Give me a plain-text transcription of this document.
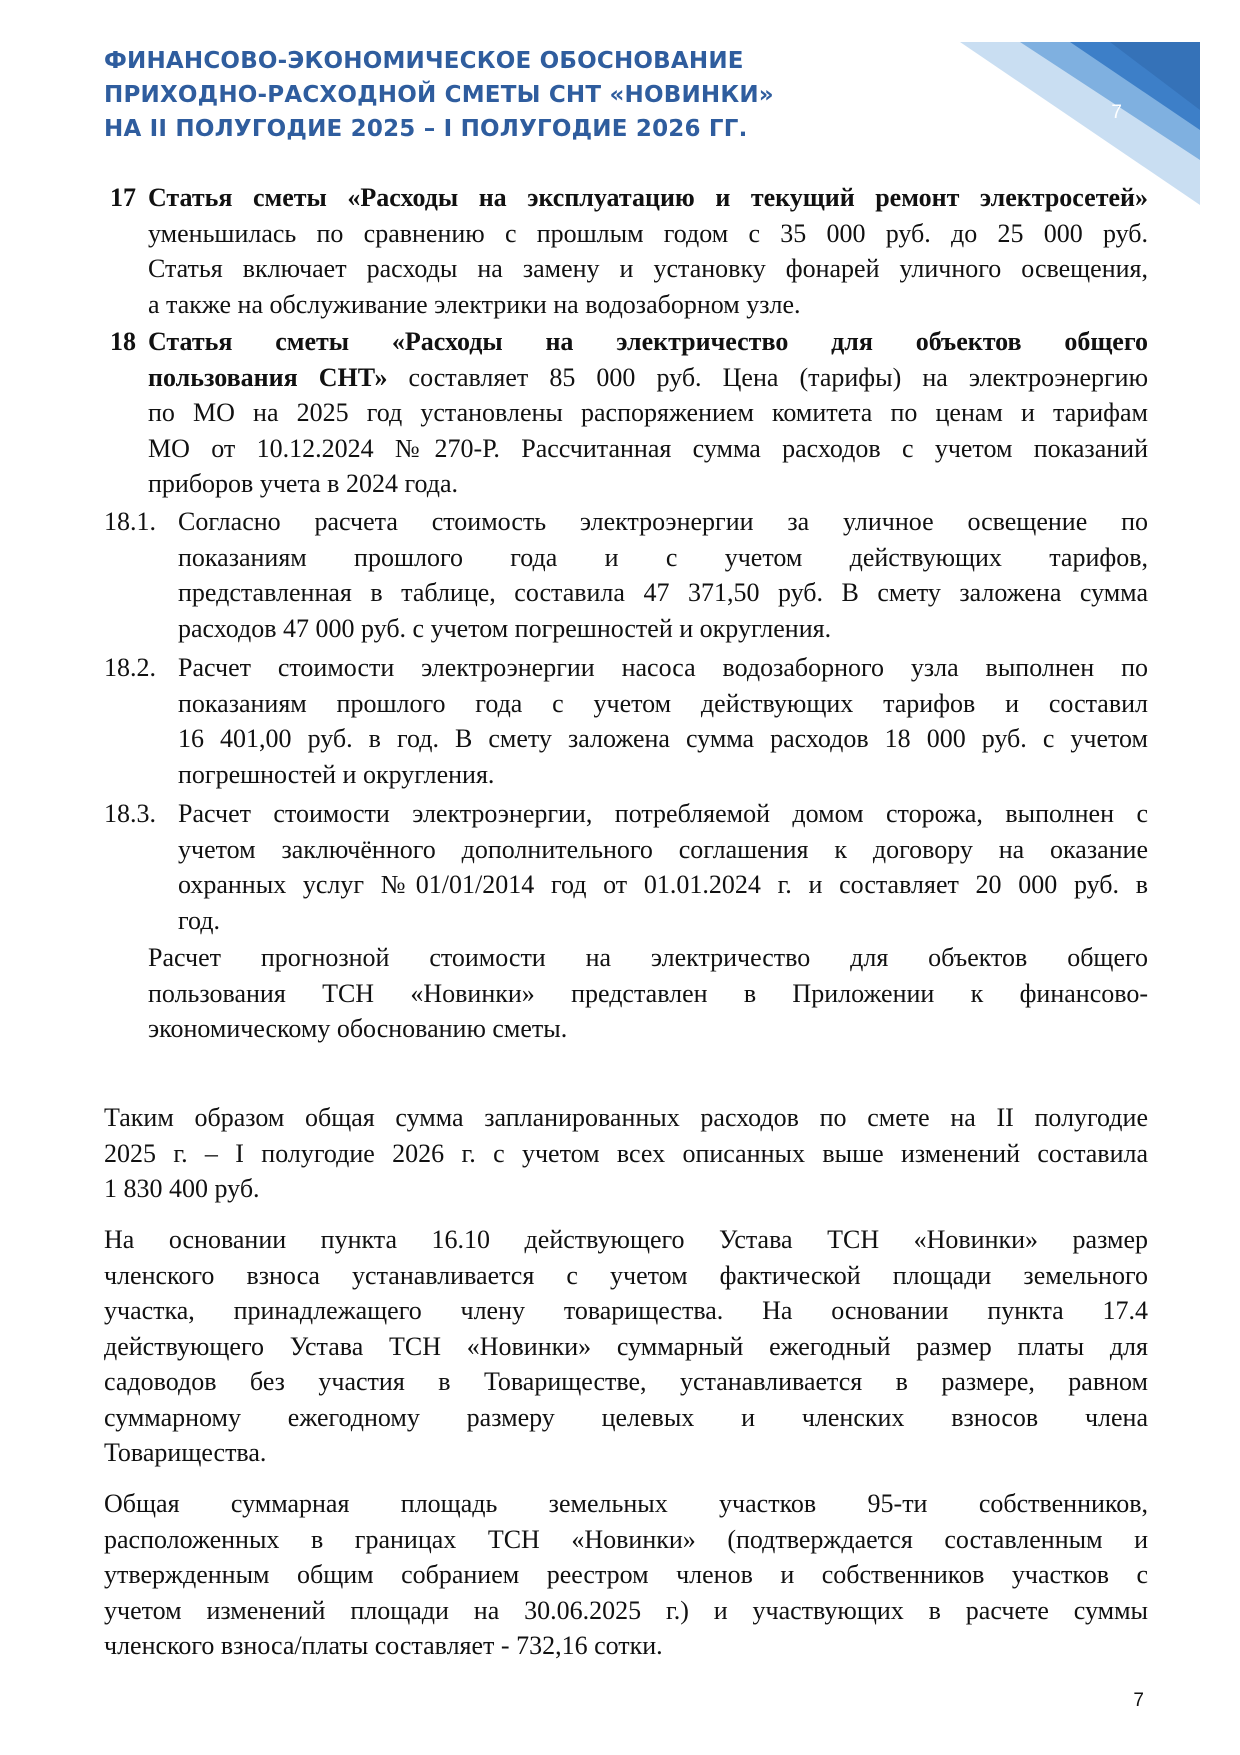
ФИНАНСОВО-ЭКОНОМИЧЕСКОЕ ОБОСНОВАНИЕ
ПРИХОДНО-РАСХОДНОЙ СМЕТЫ СНТ «НОВИНКИ»
НА II ПОЛУГОДИЕ 2025 – I ПОЛУГОДИЕ 2026 ГГ.
7
17 Статья сметы «Расходы на эксплуатацию и текущий ремонт электросетей»
уменьшилась по сравнению с прошлым годом с 35 000 руб. до 25 000 руб.
Статья включает расходы на замену и установку фонарей уличного освещения,
а также на обслуживание электрики на водозаборном узле.
18 Статья сметы «Расходы на электричество для объектов общего
пользования СНТ» составляет 85 000 руб. Цена (тарифы) на электроэнергию
по МО на 2025 год установлены распоряжением комитета по ценам и тарифам
МО от 10.12.2024 №270-Р. Рассчитанная сумма расходов с учетом показаний
приборов учета в 2024 года.
18.1. Согласно расчета стоимость электроэнергии за уличное освещение по
показаниям прошлого года и с учетом действующих тарифов,
представленная в таблице, составила 47 371,50 руб. В смету заложена сумма
расходов 47 000 руб. с учетом погрешностей и округления.
18.2. Расчет стоимости электроэнергии насоса водозаборного узла выполнен по
показаниям прошлого года с учетом действующих тарифов и составил
16 401,00 руб. в год. В смету заложена сумма расходов 18 000 руб. с учетом
погрешностей и округления.
18.3. Расчет стоимости электроэнергии, потребляемой домом сторожа, выполнен с
учетом заключённого дополнительного соглашения к договору на оказание
охранных услуг №01/01/2014 год от 01.01.2024 г. и составляет 20 000 руб. в
год.
Расчет прогнозной стоимости на электричество для объектов общего
пользования ТСН «Новинки» представлен в Приложении к финансово-
экономическому обоснованию сметы.
Таким образом общая сумма запланированных расходов по смете на II полугодие
2025 г. – I полугодие 2026 г. с учетом всех описанных выше изменений составила
1 830 400 руб.
На основании пункта 16.10 действующего Устава ТСН «Новинки» размер
членского взноса устанавливается с учетом фактической площади земельного
участка, принадлежащего члену товарищества. На основании пункта 17.4
действующего Устава ТСН «Новинки» суммарный ежегодный размер платы для
садоводов без участия в Товариществе, устанавливается в размере, равном
суммарному ежегодному размеру целевых и членских взносов члена
Товарищества.
Общая суммарная площадь земельных участков 95-ти собственников,
расположенных в границах ТСН «Новинки» (подтверждается составленным и
утвержденным общим собранием реестром членов и собственников участков с
учетом изменений площади на 30.06.2025 г.) и участвующих в расчете суммы
членского взноса/платы составляет - 732,16 сотки.
7
